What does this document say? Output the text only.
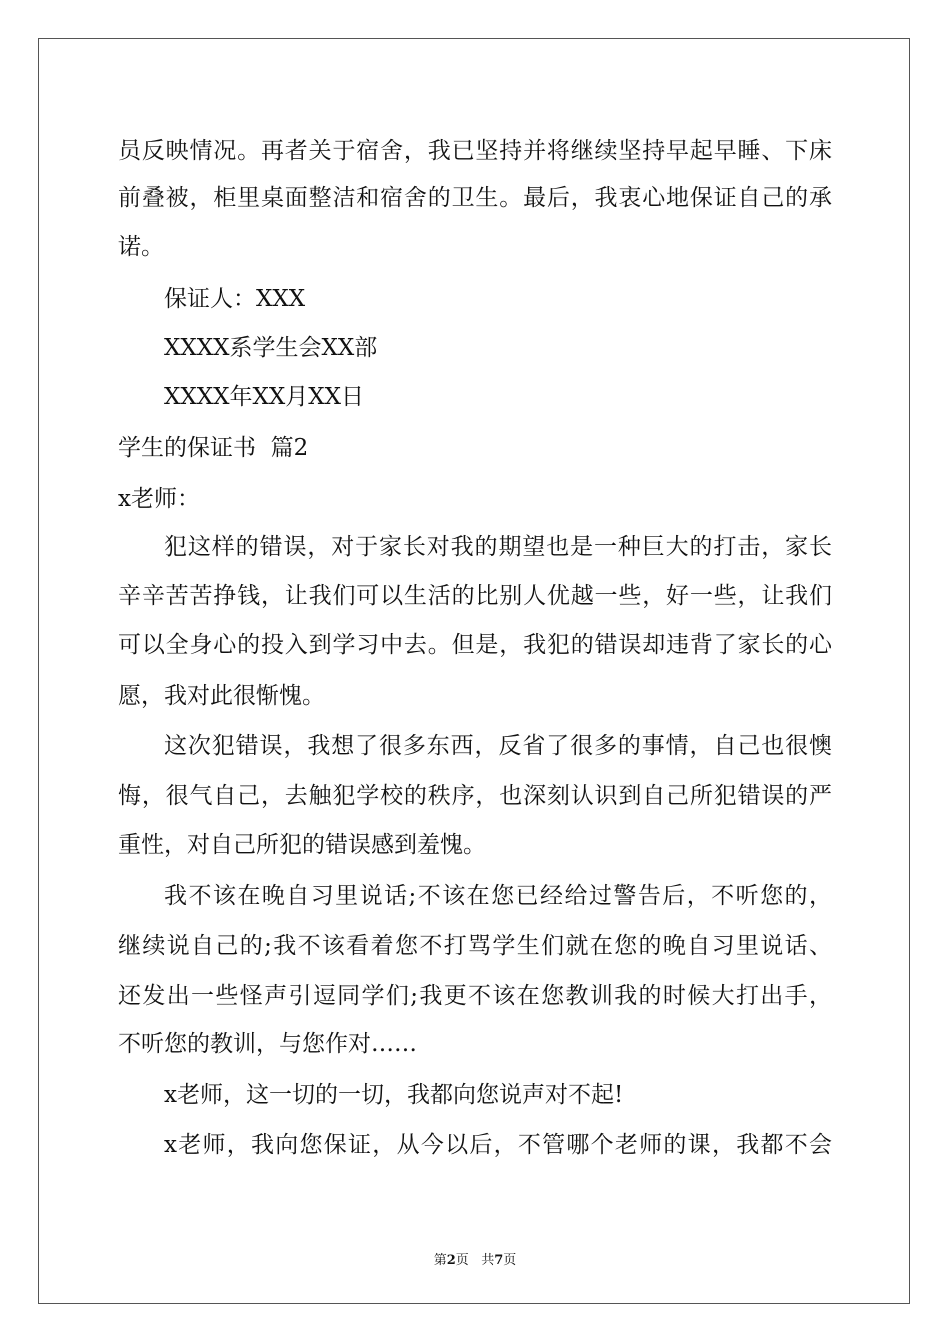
员反映情况。再者关于宿舍，我已坚持并将继续坚持早起早睡、下床

前叠被，柜里桌面整洁和宿舍的卫生。最后，我衷心地保证自己的承

诺。

保证人：XXX

XXXX系学生会XX部

XXXX年XX月XX日

学生的保证书  篇2

x老师：

犯这样的错误，对于家长对我的期望也是一种巨大的打击，家长

辛辛苦苦挣钱，让我们可以生活的比别人优越一些，好一些，让我们

可以全身心的投入到学习中去。但是，我犯的错误却违背了家长的心

愿，我对此很惭愧。

这次犯错误，我想了很多东西，反省了很多的事情，自己也很懊

悔，很气自己，去触犯学校的秩序，也深刻认识到自己所犯错误的严

重性，对自己所犯的错误感到羞愧。

我不该在晚自习里说话;不该在您已经给过警告后，不听您的，

继续说自己的;我不该看着您不打骂学生们就在您的晚自习里说话、

还发出一些怪声引逗同学们;我更不该在您教训我的时候大打出手，

不听您的教训，与您作对……

x老师，这一切的一切，我都向您说声对不起!

x老师，我向您保证，从今以后，不管哪个老师的课，我都不会

第2页   共7页
